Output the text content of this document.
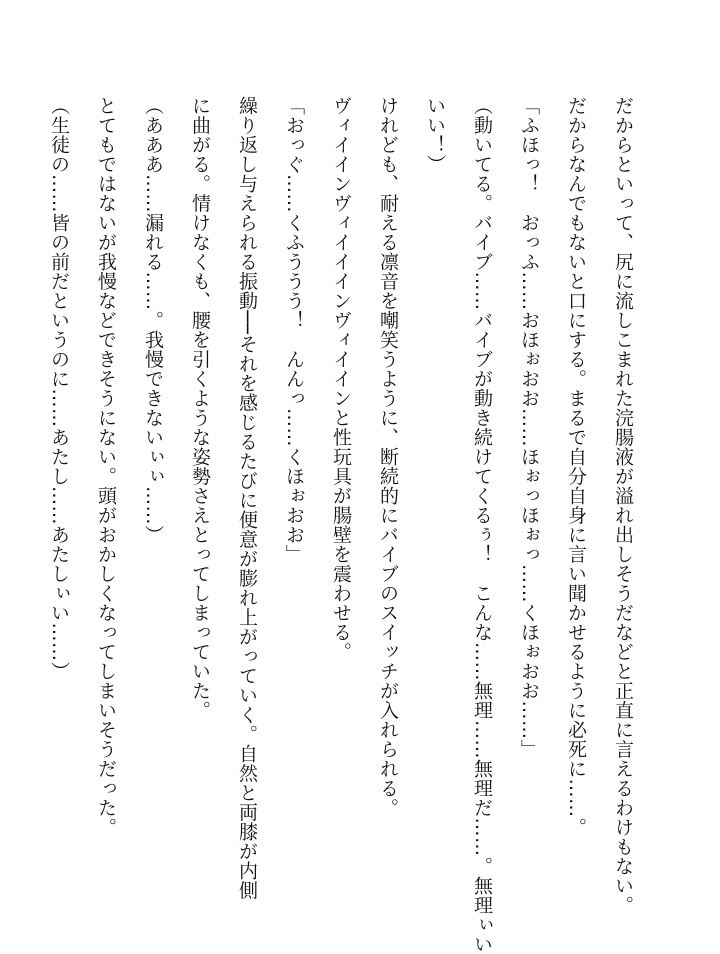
だからといって、尻に流しこまれた浣腸液が溢れ出しそうだなどと正直に言えるわけもない。

だからなんでもないと口にする。まるで自分自身に言い聞かせるように必死に……。

「ふほっ！　おっふ……おほぉおお……ほぉっほぉっ……くほぉおお……」

（動いてる。バイブ……バイブが動き続けてくるぅ！　こんな……無理……無理だ……。無理ぃい

いい！）

けれども、耐える凛音を嘲笑うように、断続的にバイブのスイッチが入れられる。

ヴィイインヴィイイインヴィイインと性玩具が腸壁を震わせる。

「おっぐ……くふううう！　んんっ……くほぉおお」

繰り返し与えられる振動──それを感じるたびに便意が膨れ上がっていく。自然と両膝が内側

に曲がる。情けなくも、腰を引くような姿勢さえとってしまっていた。

（あああ……漏れる……。我慢できないぃぃ……）

とてもではないが我慢などできそうにない。頭がおかしくなってしまいそうだった。

（生徒の……皆の前だというのに……あたし……あたしぃい……）
